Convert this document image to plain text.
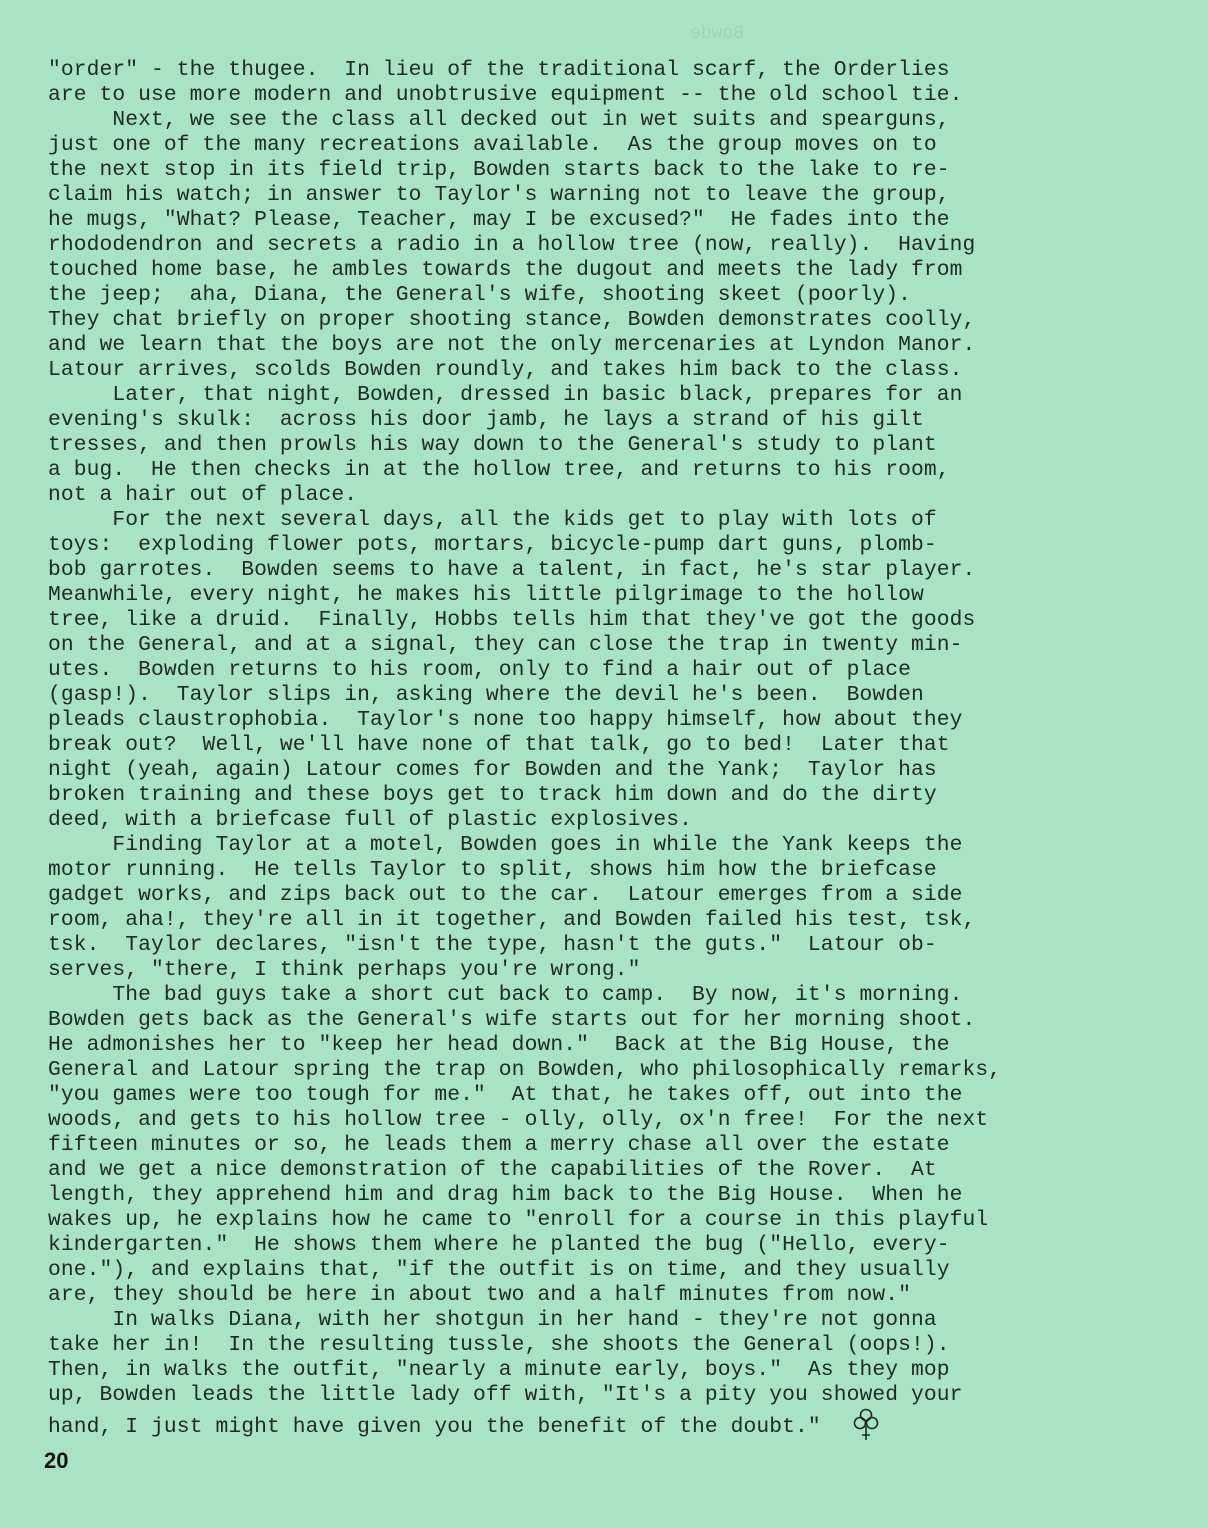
Bowde
"order" - the thugee.  In lieu of the traditional scarf, the Orderlies
are to use more modern and unobtrusive equipment -- the old school tie.
Next, we see the class all decked out in wet suits and spearguns,
just one of the many recreations available.  As the group moves on to
the next stop in its field trip, Bowden starts back to the lake to re-
claim his watch; in answer to Taylor's warning not to leave the group,
he mugs, "What? Please, Teacher, may I be excused?"  He fades into the
rhododendron and secrets a radio in a hollow tree (now, really).  Having
touched home base, he ambles towards the dugout and meets the lady from
the jeep;  aha, Diana, the General's wife, shooting skeet (poorly).
They chat briefly on proper shooting stance, Bowden demonstrates coolly,
and we learn that the boys are not the only mercenaries at Lyndon Manor.
Latour arrives, scolds Bowden roundly, and takes him back to the class.
Later, that night, Bowden, dressed in basic black, prepares for an
evening's skulk:  across his door jamb, he lays a strand of his gilt
tresses, and then prowls his way down to the General's study to plant
a bug.  He then checks in at the hollow tree, and returns to his room,
not a hair out of place.
For the next several days, all the kids get to play with lots of
toys:  exploding flower pots, mortars, bicycle-pump dart guns, plomb-
bob garrotes.  Bowden seems to have a talent, in fact, he's star player.
Meanwhile, every night, he makes his little pilgrimage to the hollow
tree, like a druid.  Finally, Hobbs tells him that they've got the goods
on the General, and at a signal, they can close the trap in twenty min-
utes.  Bowden returns to his room, only to find a hair out of place
(gasp!).  Taylor slips in, asking where the devil he's been.  Bowden
pleads claustrophobia.  Taylor's none too happy himself, how about they
break out?  Well, we'll have none of that talk, go to bed!  Later that
night (yeah, again) Latour comes for Bowden and the Yank;  Taylor has
broken training and these boys get to track him down and do the dirty
deed, with a briefcase full of plastic explosives.
Finding Taylor at a motel, Bowden goes in while the Yank keeps the
motor running.  He tells Taylor to split, shows him how the briefcase
gadget works, and zips back out to the car.  Latour emerges from a side
room, aha!, they're all in it together, and Bowden failed his test, tsk,
tsk.  Taylor declares, "isn't the type, hasn't the guts."  Latour ob-
serves, "there, I think perhaps you're wrong."
The bad guys take a short cut back to camp.  By now, it's morning.
Bowden gets back as the General's wife starts out for her morning shoot.
He admonishes her to "keep her head down."  Back at the Big House, the
General and Latour spring the trap on Bowden, who philosophically remarks,
"you games were too tough for me."  At that, he takes off, out into the
woods, and gets to his hollow tree - olly, olly, ox'n free!  For the next
fifteen minutes or so, he leads them a merry chase all over the estate
and we get a nice demonstration of the capabilities of the Rover.  At
length, they apprehend him and drag him back to the Big House.  When he
wakes up, he explains how he came to "enroll for a course in this playful
kindergarten."  He shows them where he planted the bug ("Hello, every-
one."), and explains that, "if the outfit is on time, and they usually
are, they should be here in about two and a half minutes from now."
In walks Diana, with her shotgun in her hand - they're not gonna
take her in!  In the resulting tussle, she shoots the General (oops!).
Then, in walks the outfit, "nearly a minute early, boys."  As they mop
up, Bowden leads the little lady off with, "It's a pity you showed your
hand, I just might have given you the benefit of the doubt."
20
